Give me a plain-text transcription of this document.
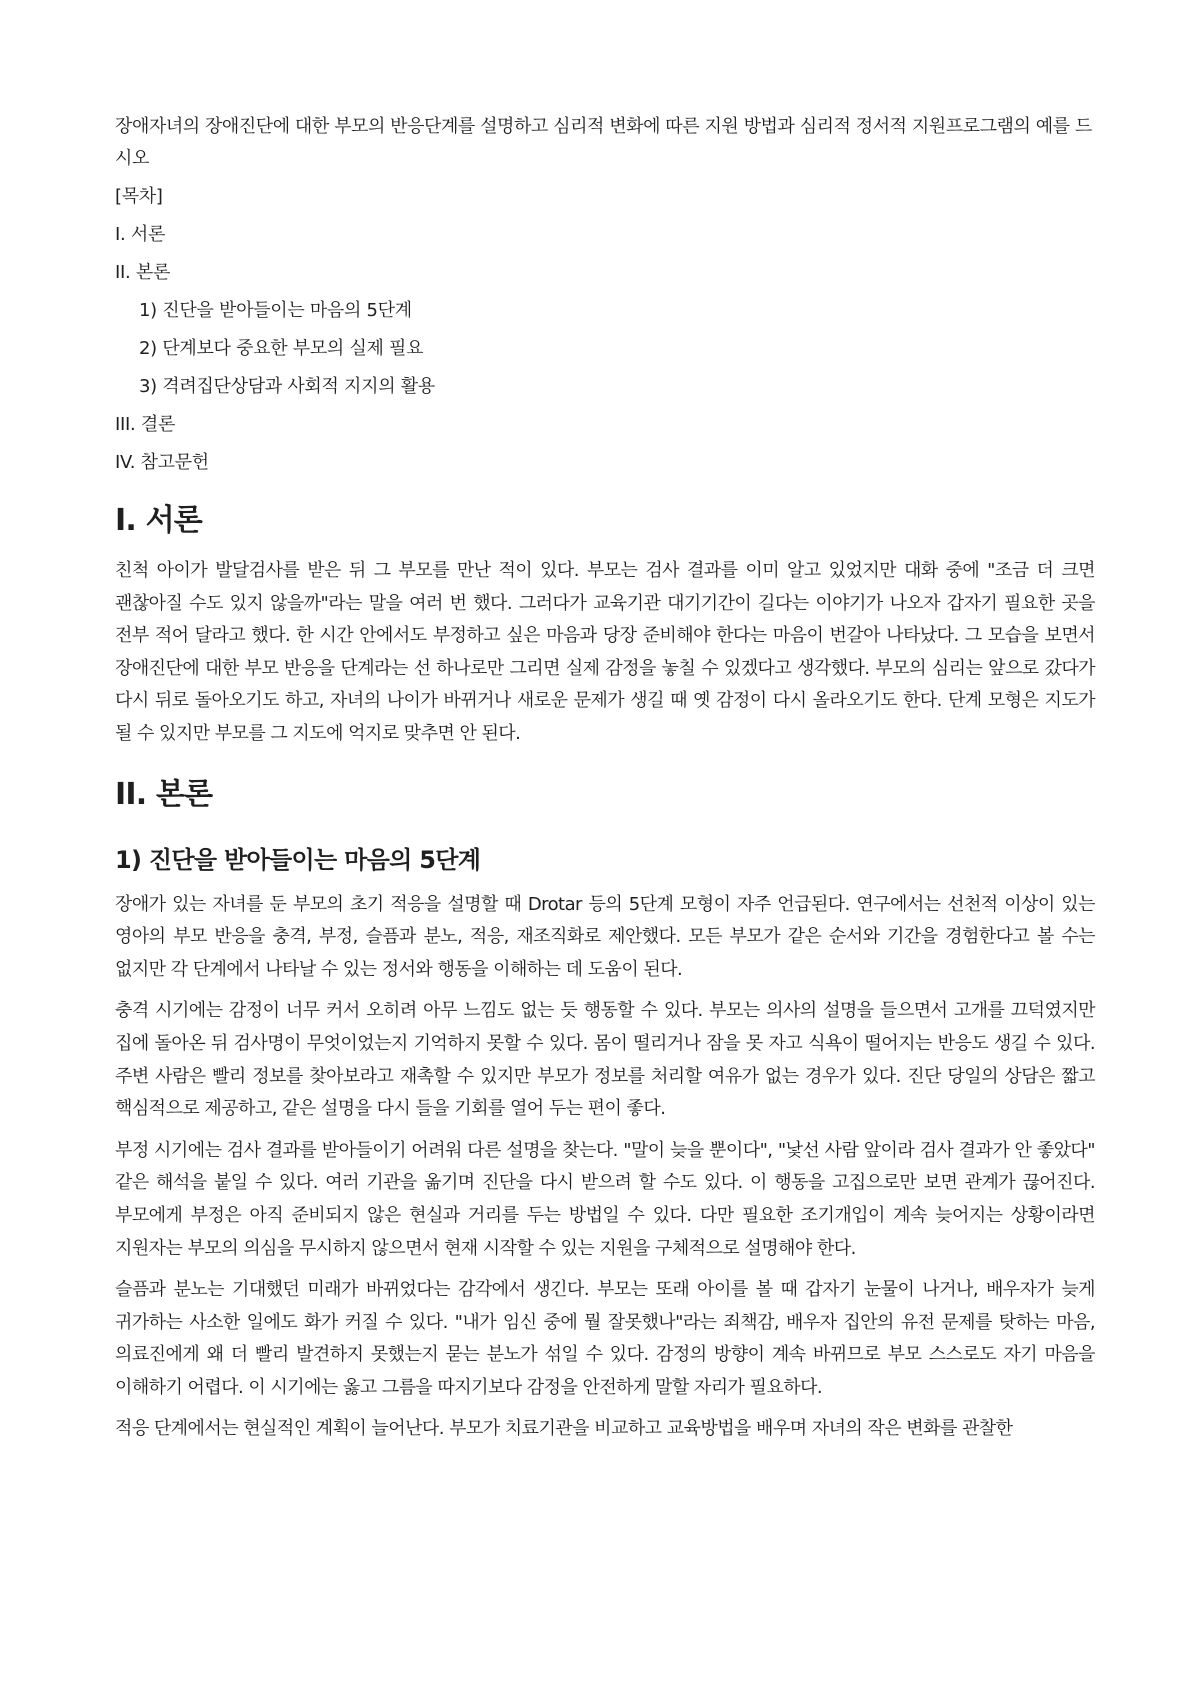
장애자녀의 장애진단에 대한 부모의 반응단계를 설명하고 심리적 변화에 따른 지원 방법과 심리적 정서적 지원프로그램의 예를 드시오

[목차]
I. 서론
II. 본론
1) 진단을 받아들이는 마음의 5단계
2) 단계보다 중요한 부모의 실제 필요
3) 격려집단상담과 사회적 지지의 활용
III. 결론
IV. 참고문헌
I. 서론

친척 아이가 발달검사를 받은 뒤 그 부모를 만난 적이 있다. 부모는 검사 결과를 이미 알고 있었지만 대화 중에 "조금 더 크면 괜찮아질 수도 있지 않을까"라는 말을 여러 번 했다. 그러다가 교육기관 대기기간이 길다는 이야기가 나오자 갑자기 필요한 곳을 전부 적어 달라고 했다. 한 시간 안에서도 부정하고 싶은 마음과 당장 준비해야 한다는 마음이 번갈아 나타났다. 그 모습을 보면서 장애진단에 대한 부모 반응을 단계라는 선 하나로만 그리면 실제 감정을 놓칠 수 있겠다고 생각했다. 부모의 심리는 앞으로 갔다가 다시 뒤로 돌아오기도 하고, 자녀의 나이가 바뀌거나 새로운 문제가 생길 때 옛 감정이 다시 올라오기도 한다. 단계 모형은 지도가 될 수 있지만 부모를 그 지도에 억지로 맞추면 안 된다.

II. 본론
1) 진단을 받아들이는 마음의 5단계

장애가 있는 자녀를 둔 부모의 초기 적응을 설명할 때 Drotar 등의 5단계 모형이 자주 언급된다. 연구에서는 선천적 이상이 있는 영아의 부모 반응을 충격, 부정, 슬픔과 분노, 적응, 재조직화로 제안했다. 모든 부모가 같은 순서와 기간을 경험한다고 볼 수는 없지만 각 단계에서 나타날 수 있는 정서와 행동을 이해하는 데 도움이 된다.

충격 시기에는 감정이 너무 커서 오히려 아무 느낌도 없는 듯 행동할 수 있다. 부모는 의사의 설명을 들으면서 고개를 끄덕였지만 집에 돌아온 뒤 검사명이 무엇이었는지 기억하지 못할 수 있다. 몸이 떨리거나 잠을 못 자고 식욕이 떨어지는 반응도 생길 수 있다. 주변 사람은 빨리 정보를 찾아보라고 재촉할 수 있지만 부모가 정보를 처리할 여유가 없는 경우가 있다. 진단 당일의 상담은 짧고 핵심적으로 제공하고, 같은 설명을 다시 들을 기회를 열어 두는 편이 좋다.

부정 시기에는 검사 결과를 받아들이기 어려워 다른 설명을 찾는다. "말이 늦을 뿐이다", "낯선 사람 앞이라 검사 결과가 안 좋았다" 같은 해석을 붙일 수 있다. 여러 기관을 옮기며 진단을 다시 받으려 할 수도 있다. 이 행동을 고집으로만 보면 관계가 끊어진다. 부모에게 부정은 아직 준비되지 않은 현실과 거리를 두는 방법일 수 있다. 다만 필요한 조기개입이 계속 늦어지는 상황이라면 지원자는 부모의 의심을 무시하지 않으면서 현재 시작할 수 있는 지원을 구체적으로 설명해야 한다.

슬픔과 분노는 기대했던 미래가 바뀌었다는 감각에서 생긴다. 부모는 또래 아이를 볼 때 갑자기 눈물이 나거나, 배우자가 늦게 귀가하는 사소한 일에도 화가 커질 수 있다. "내가 임신 중에 뭘 잘못했나"라는 죄책감, 배우자 집안의 유전 문제를 탓하는 마음, 의료진에게 왜 더 빨리 발견하지 못했는지 묻는 분노가 섞일 수 있다. 감정의 방향이 계속 바뀌므로 부모 스스로도 자기 마음을 이해하기 어렵다. 이 시기에는 옳고 그름을 따지기보다 감정을 안전하게 말할 자리가 필요하다.

적응 단계에서는 현실적인 계획이 늘어난다. 부모가 치료기관을 비교하고 교육방법을 배우며 자녀의 작은 변화를 관찰한
